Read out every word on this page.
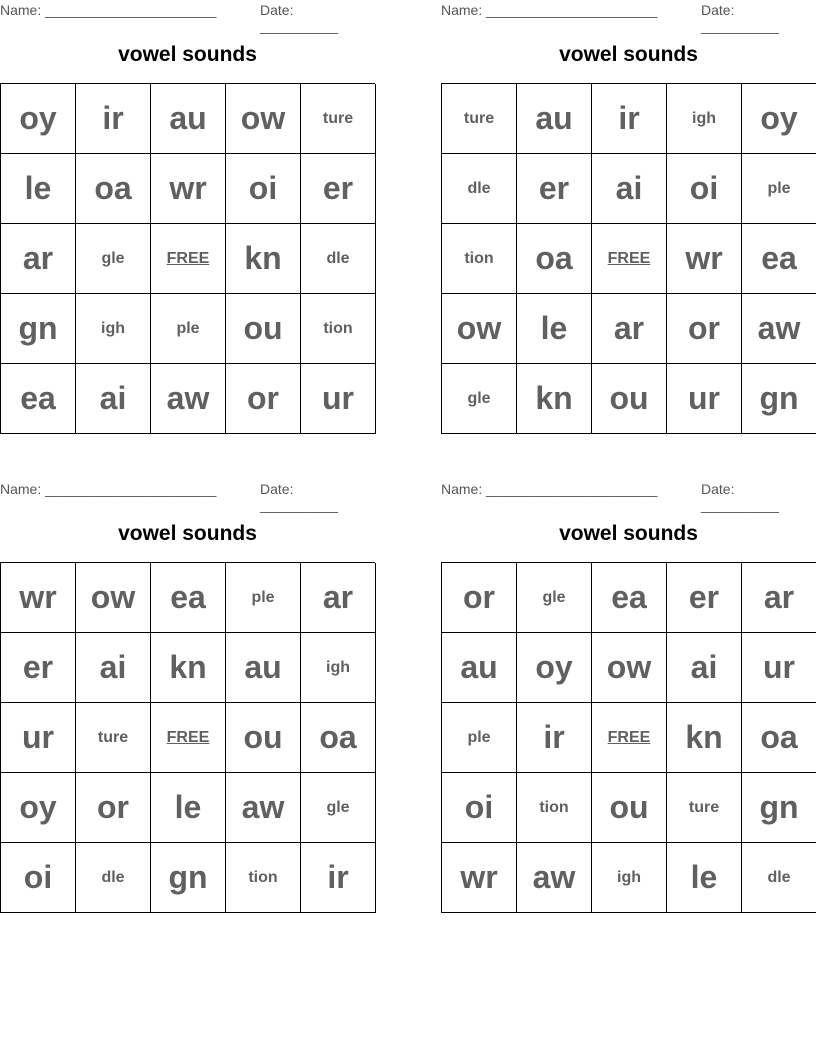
Name: ______________________	Date: __________
vowel sounds
oy	ir	au	ow	ture
le	oa	wr	oi	er
ar	gle	FREE	kn	dle
gn	igh	ple	ou	tion
ea	ai	aw	or	ur
Name: ______________________	Date: __________
vowel sounds
ture	au	ir	igh	oy
dle	er	ai	oi	ple
tion	oa	FREE	wr	ea
ow	le	ar	or	aw
gle	kn	ou	ur	gn
Name: ______________________	Date: __________
vowel sounds
wr	ow	ea	ple	ar
er	ai	kn	au	igh
ur	ture	FREE	ou	oa
oy	or	le	aw	gle
oi	dle	gn	tion	ir
Name: ______________________	Date: __________
vowel sounds
or	gle	ea	er	ar
au	oy	ow	ai	ur
ple	ir	FREE	kn	oa
oi	tion	ou	ture	gn
wr	aw	igh	le	dle
